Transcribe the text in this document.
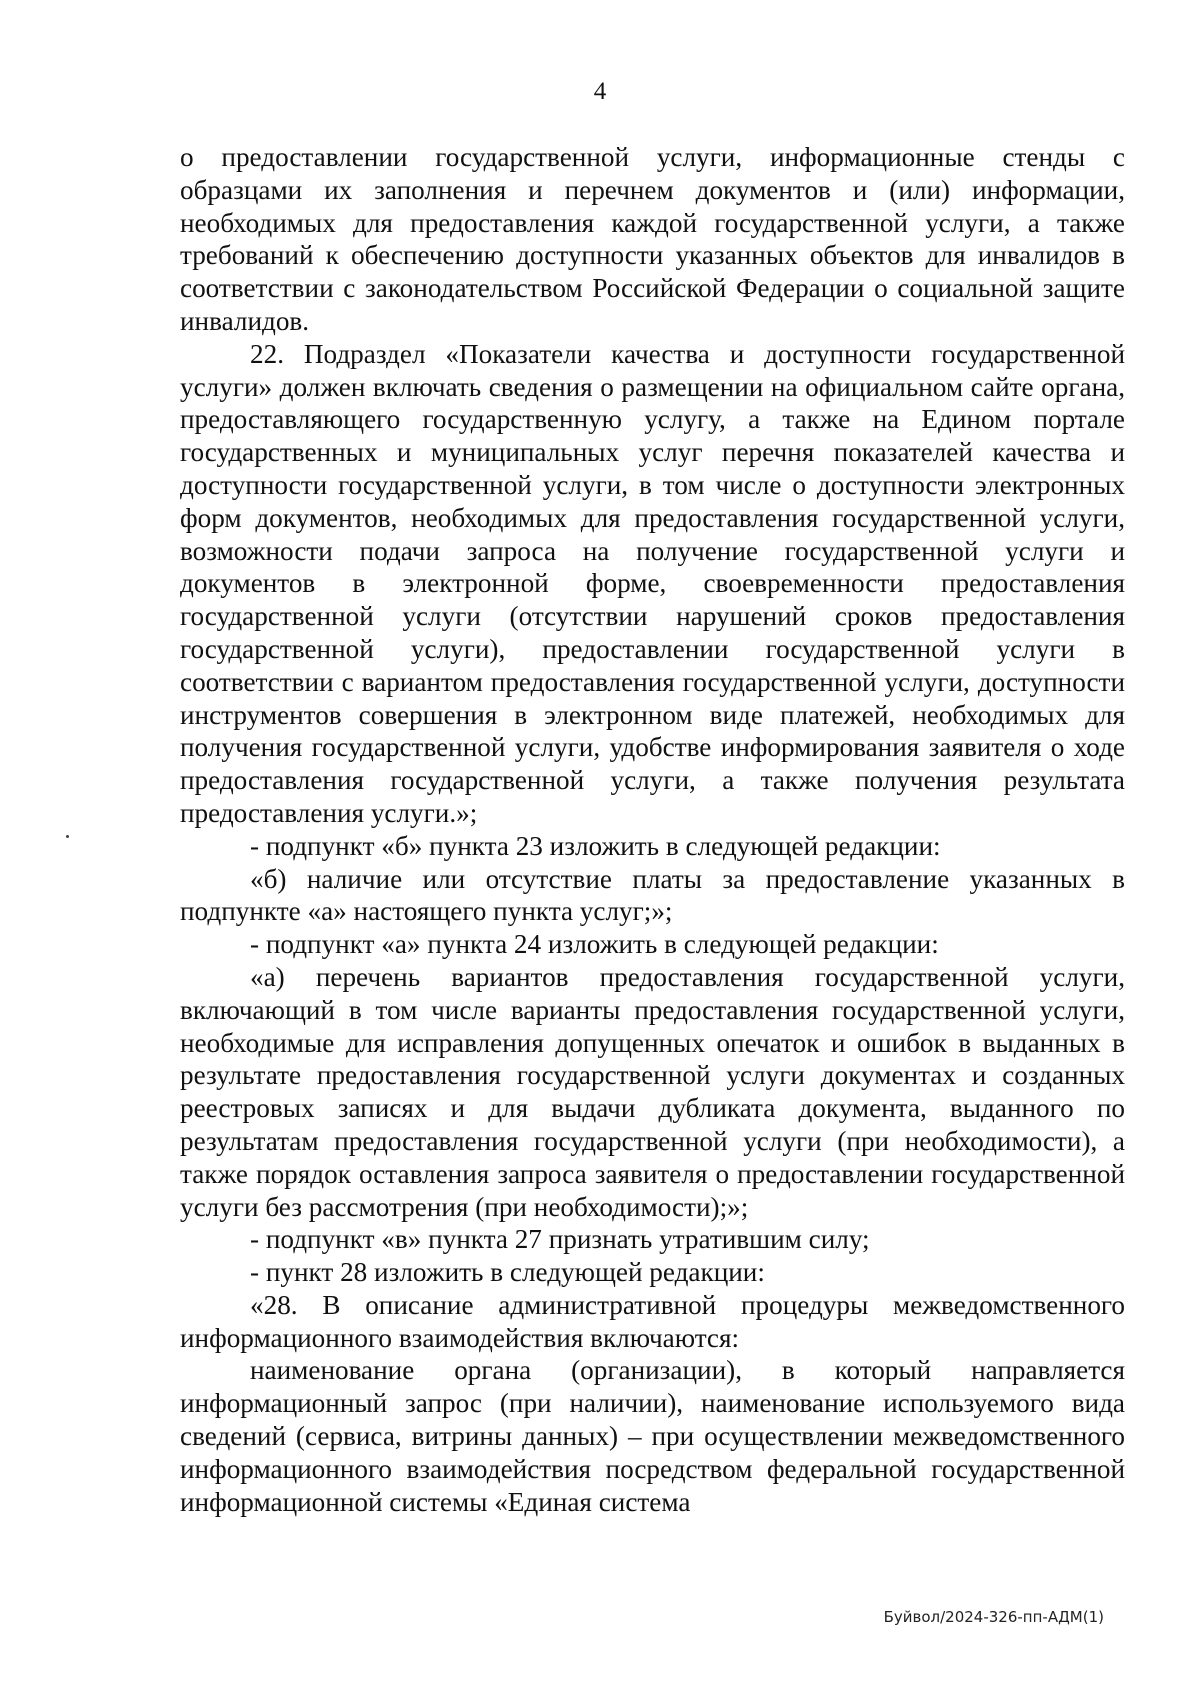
4

о предоставлении государственной услуги, информационные стенды с образцами их заполнения и перечнем документов и (или) информации, необходимых для предоставления каждой государственной услуги, а также требований к обеспечению доступности указанных объектов для инвалидов в соответствии с законодательством Российской Федерации о социальной защите инвалидов.

22. Подраздел «Показатели качества и доступности государственной услуги» должен включать сведения о размещении на официальном сайте органа, предоставляющего государственную услугу, а также на Едином портале государственных и муниципальных услуг перечня показателей качества и доступности государственной услуги, в том числе о доступности электронных форм документов, необходимых для предоставления государственной услуги, возможности подачи запроса на получение государственной услуги и документов в электронной форме, своевременности предоставления государственной услуги (отсутствии нарушений сроков предоставления государственной услуги), предоставлении государственной услуги в соответствии с вариантом предоставления государственной услуги, доступности инструментов совершения в электронном виде платежей, необходимых для получения государственной услуги, удобстве информирования заявителя о ходе предоставления государственной услуги, а также получения результата предоставления услуги.»;

- подпункт «б» пункта 23 изложить в следующей редакции:

«б) наличие или отсутствие платы за предоставление указанных в подпункте «а» настоящего пункта услуг;»;

- подпункт «а» пункта 24 изложить в следующей редакции:

«а) перечень вариантов предоставления государственной услуги, включающий в том числе варианты предоставления государственной услуги, необходимые для исправления допущенных опечаток и ошибок в выданных в результате предоставления государственной услуги документах и созданных реестровых записях и для выдачи дубликата документа, выданного по результатам предоставления государственной услуги (при необходимости), а также порядок оставления запроса заявителя о предоставлении государственной услуги без рассмотрения (при необходимости);»;

- подпункт «в» пункта 27 признать утратившим силу;

- пункт 28 изложить в следующей редакции:

«28. В описание административной процедуры межведомственного информационного взаимодействия включаются:

наименование органа (организации), в который направляется информационный запрос (при наличии), наименование используемого вида сведений (сервиса, витрины данных) – при осуществлении межведомственного информационного взаимодействия посредством федеральной государственной информационной системы «Единая система

Буйвол/2024-326-пп-АДМ(1)
